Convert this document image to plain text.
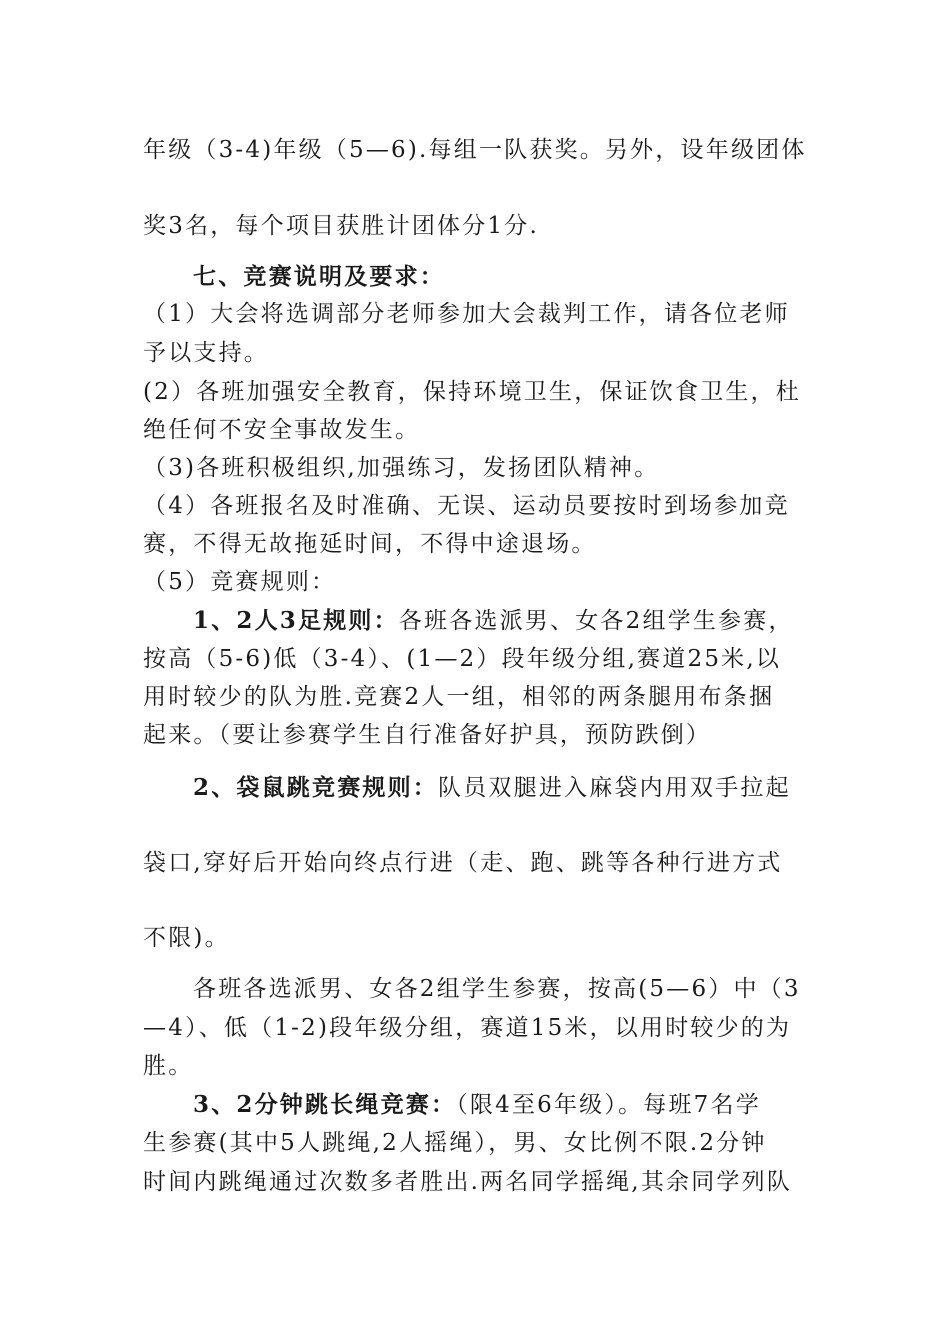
年级（3-4)年级（5—6).每组一队获奖。另外，设年级团体
奖3名，每个项目获胜计团体分1分.
七、竞赛说明及要求：
（1）大会将选调部分老师参加大会裁判工作，请各位老师
予以支持。
(2）各班加强安全教育，保持环境卫生，保证饮食卫生，杜
绝任何不安全事故发生。
（3)各班积极组织,加强练习，发扬团队精神。
（4）各班报名及时准确、无误、运动员要按时到场参加竞
赛，不得无故拖延时间，不得中途退场。
（5）竞赛规则：
1、2人3足规则：各班各选派男、女各2组学生参赛，
按高（5-6)低（3-4）、(1—2）段年级分组,赛道25米,以
用时较少的队为胜.竞赛2人一组，相邻的两条腿用布条捆
起来。（要让参赛学生自行准备好护具，预防跌倒）
2、袋鼠跳竞赛规则：队员双腿进入麻袋内用双手拉起
袋口,穿好后开始向终点行进（走、跑、跳等各种行进方式
不限)。
各班各选派男、女各2组学生参赛，按高(5—6）中（3
—4）、低（1-2)段年级分组，赛道15米，以用时较少的为
胜。
3、2分钟跳长绳竞赛：（限4至6年级）。每班7名学
生参赛(其中5人跳绳,2人摇绳），男、女比例不限.2分钟
时间内跳绳通过次数多者胜出.两名同学摇绳,其余同学列队
